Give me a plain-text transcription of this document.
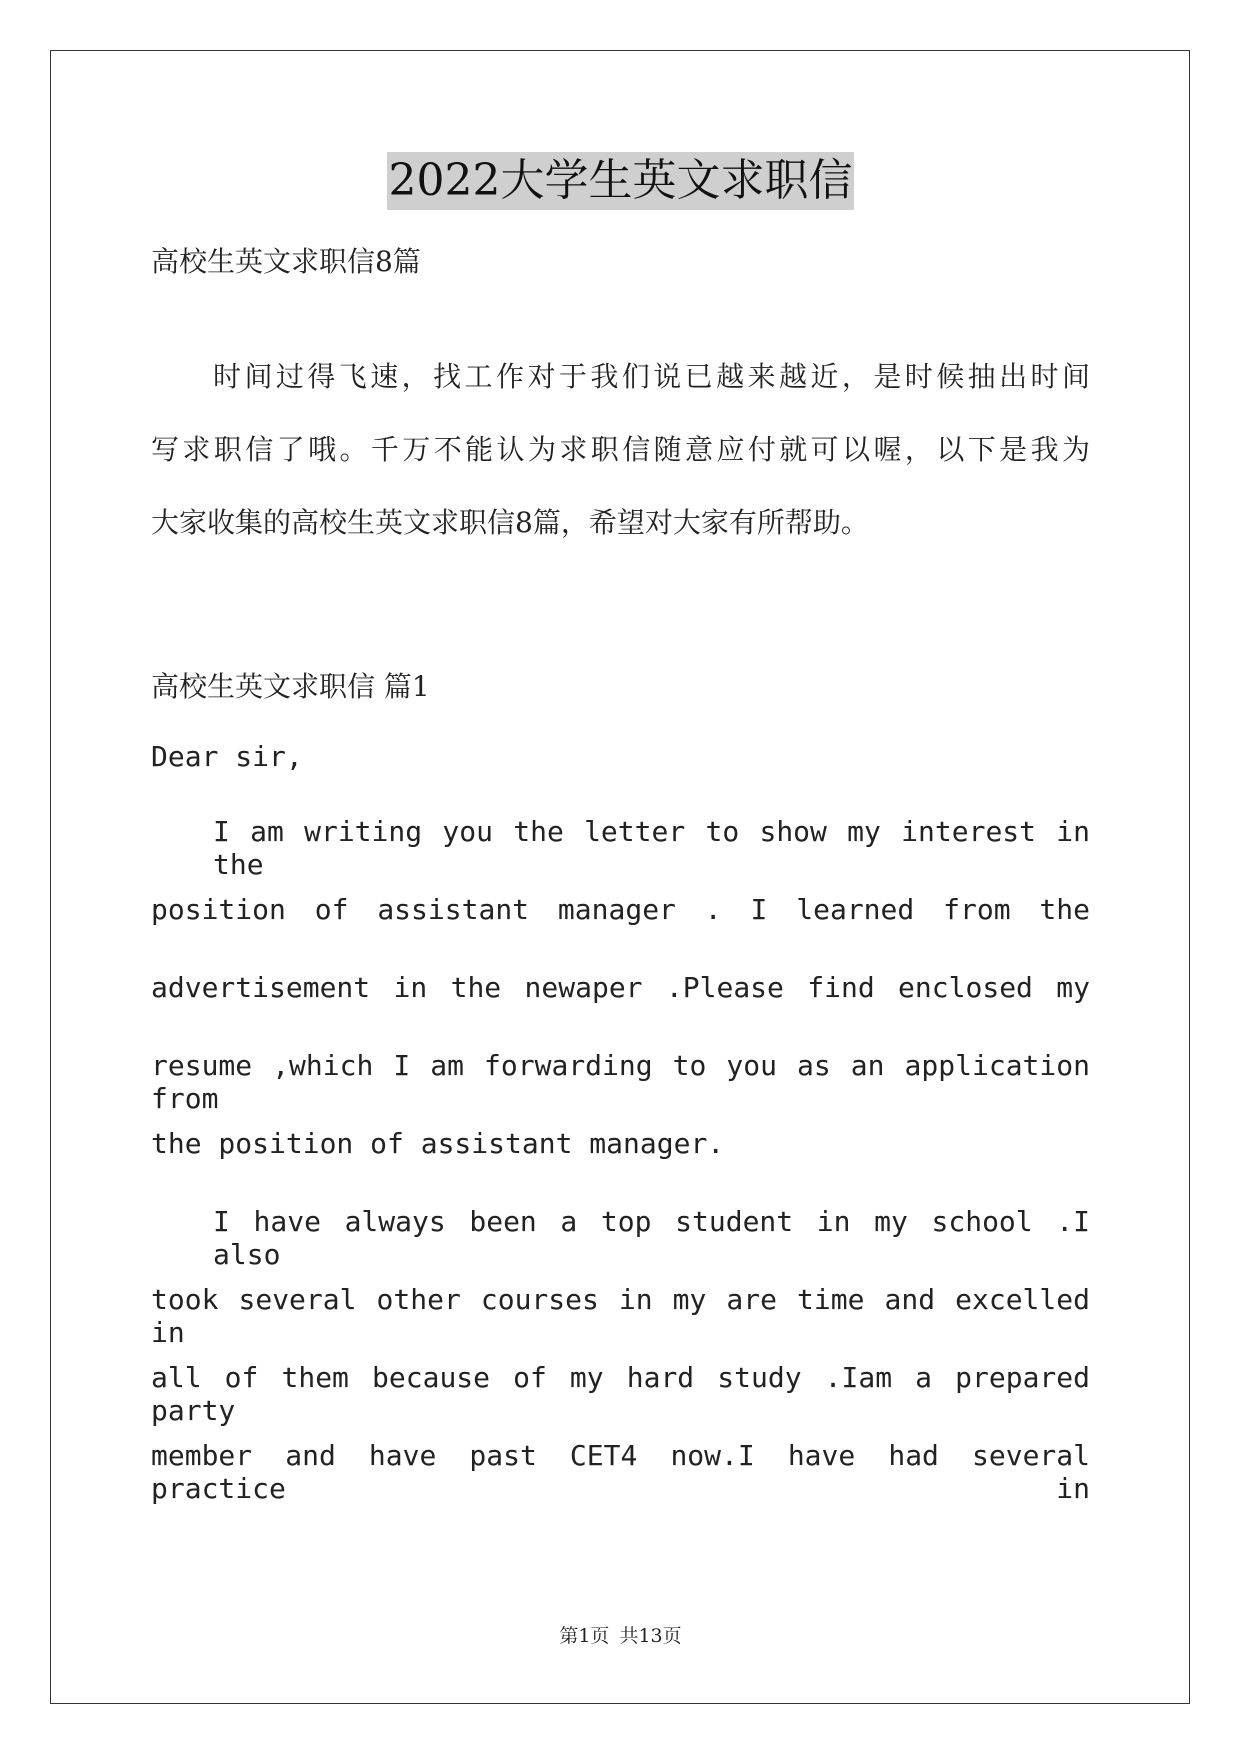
2022大学生英文求职信
高校生英文求职信8篇
时间过得飞速，找工作对于我们说已越来越近，是时候抽出时间
写求职信了哦。千万不能认为求职信随意应付就可以喔，以下是我为
大家收集的高校生英文求职信8篇，希望对大家有所帮助。
高校生英文求职信 篇1
Dear sir,
I am writing you the letter to show my interest in the
position of assistant manager . I learned from the
advertisement in the newaper .Please find enclosed my
resume ,which I am forwarding to you as an application from
the position of assistant manager.
I have always been a top student in my school .I also
took several other courses in my are time and excelled in
all of them because of my hard study .Iam a prepared party
member and have past CET4 now.I have had several practice in
第1页 共13页
